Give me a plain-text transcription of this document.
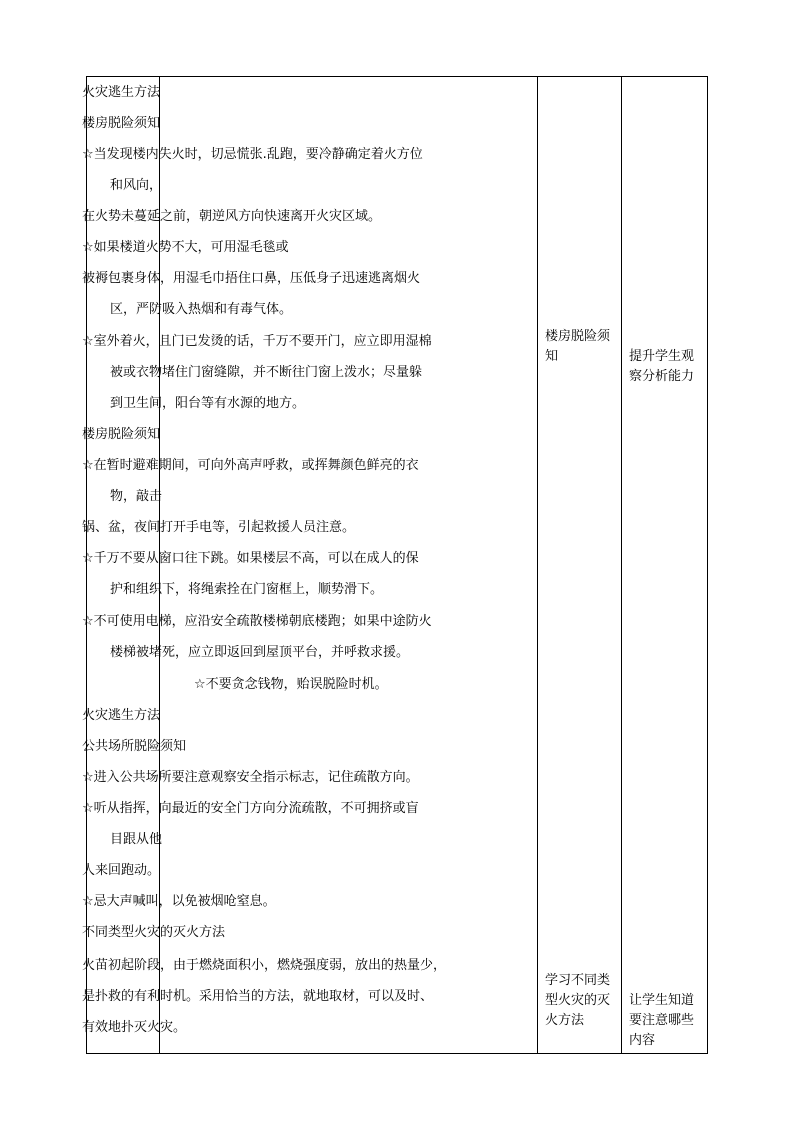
楼房脱险须
知
学习不同类
型火灾的灭
火方法
提升学生观
察分析能力
让学生知道
要注意哪些
内容
火灾逃生方法
楼房脱险须知
☆当发现楼内失火时，切忌慌张.乱跑，要冷静确定着火方位
和风向，
在火势未蔓延之前，朝逆风方向快速离开火灾区域。
☆如果楼道火势不大，可用湿毛毯或
被褥包裹身体，用湿毛巾捂住口鼻，压低身子迅速逃离烟火
区，严防吸入热烟和有毒气体。
☆室外着火，且门已发烫的话，千万不要开门，应立即用湿棉
被或衣物堵住门窗缝隙，并不断往门窗上泼水；尽量躲
到卫生间，阳台等有水源的地方。
楼房脱险须知
☆在暂时避难期间，可向外高声呼救，或挥舞颜色鲜亮的衣
物，敲击
锅、盆，夜间打开手电等，引起救援人员注意。
☆千万不要从窗口往下跳。如果楼层不高，可以在成人的保
护和组织下，将绳索拴在门窗框上，顺势滑下。
☆不可使用电梯，应沿安全疏散楼梯朝底楼跑；如果中途防火
楼梯被堵死，应立即返回到屋顶平台，并呼救求援。
☆不要贪念钱物，贻误脱险时机。
火灾逃生方法
公共场所脱险须知
☆进入公共场所要注意观察安全指示标志，记住疏散方向。
☆听从指挥，向最近的安全门方向分流疏散，不可拥挤或盲
目跟从他
人来回跑动。
☆忌大声喊叫，以免被烟呛窒息。
不同类型火灾的灭火方法
火苗初起阶段，由于燃烧面积小，燃烧强度弱，放出的热量少，
是扑救的有利时机。采用恰当的方法，就地取材，可以及时、
有效地扑灭火灾。
